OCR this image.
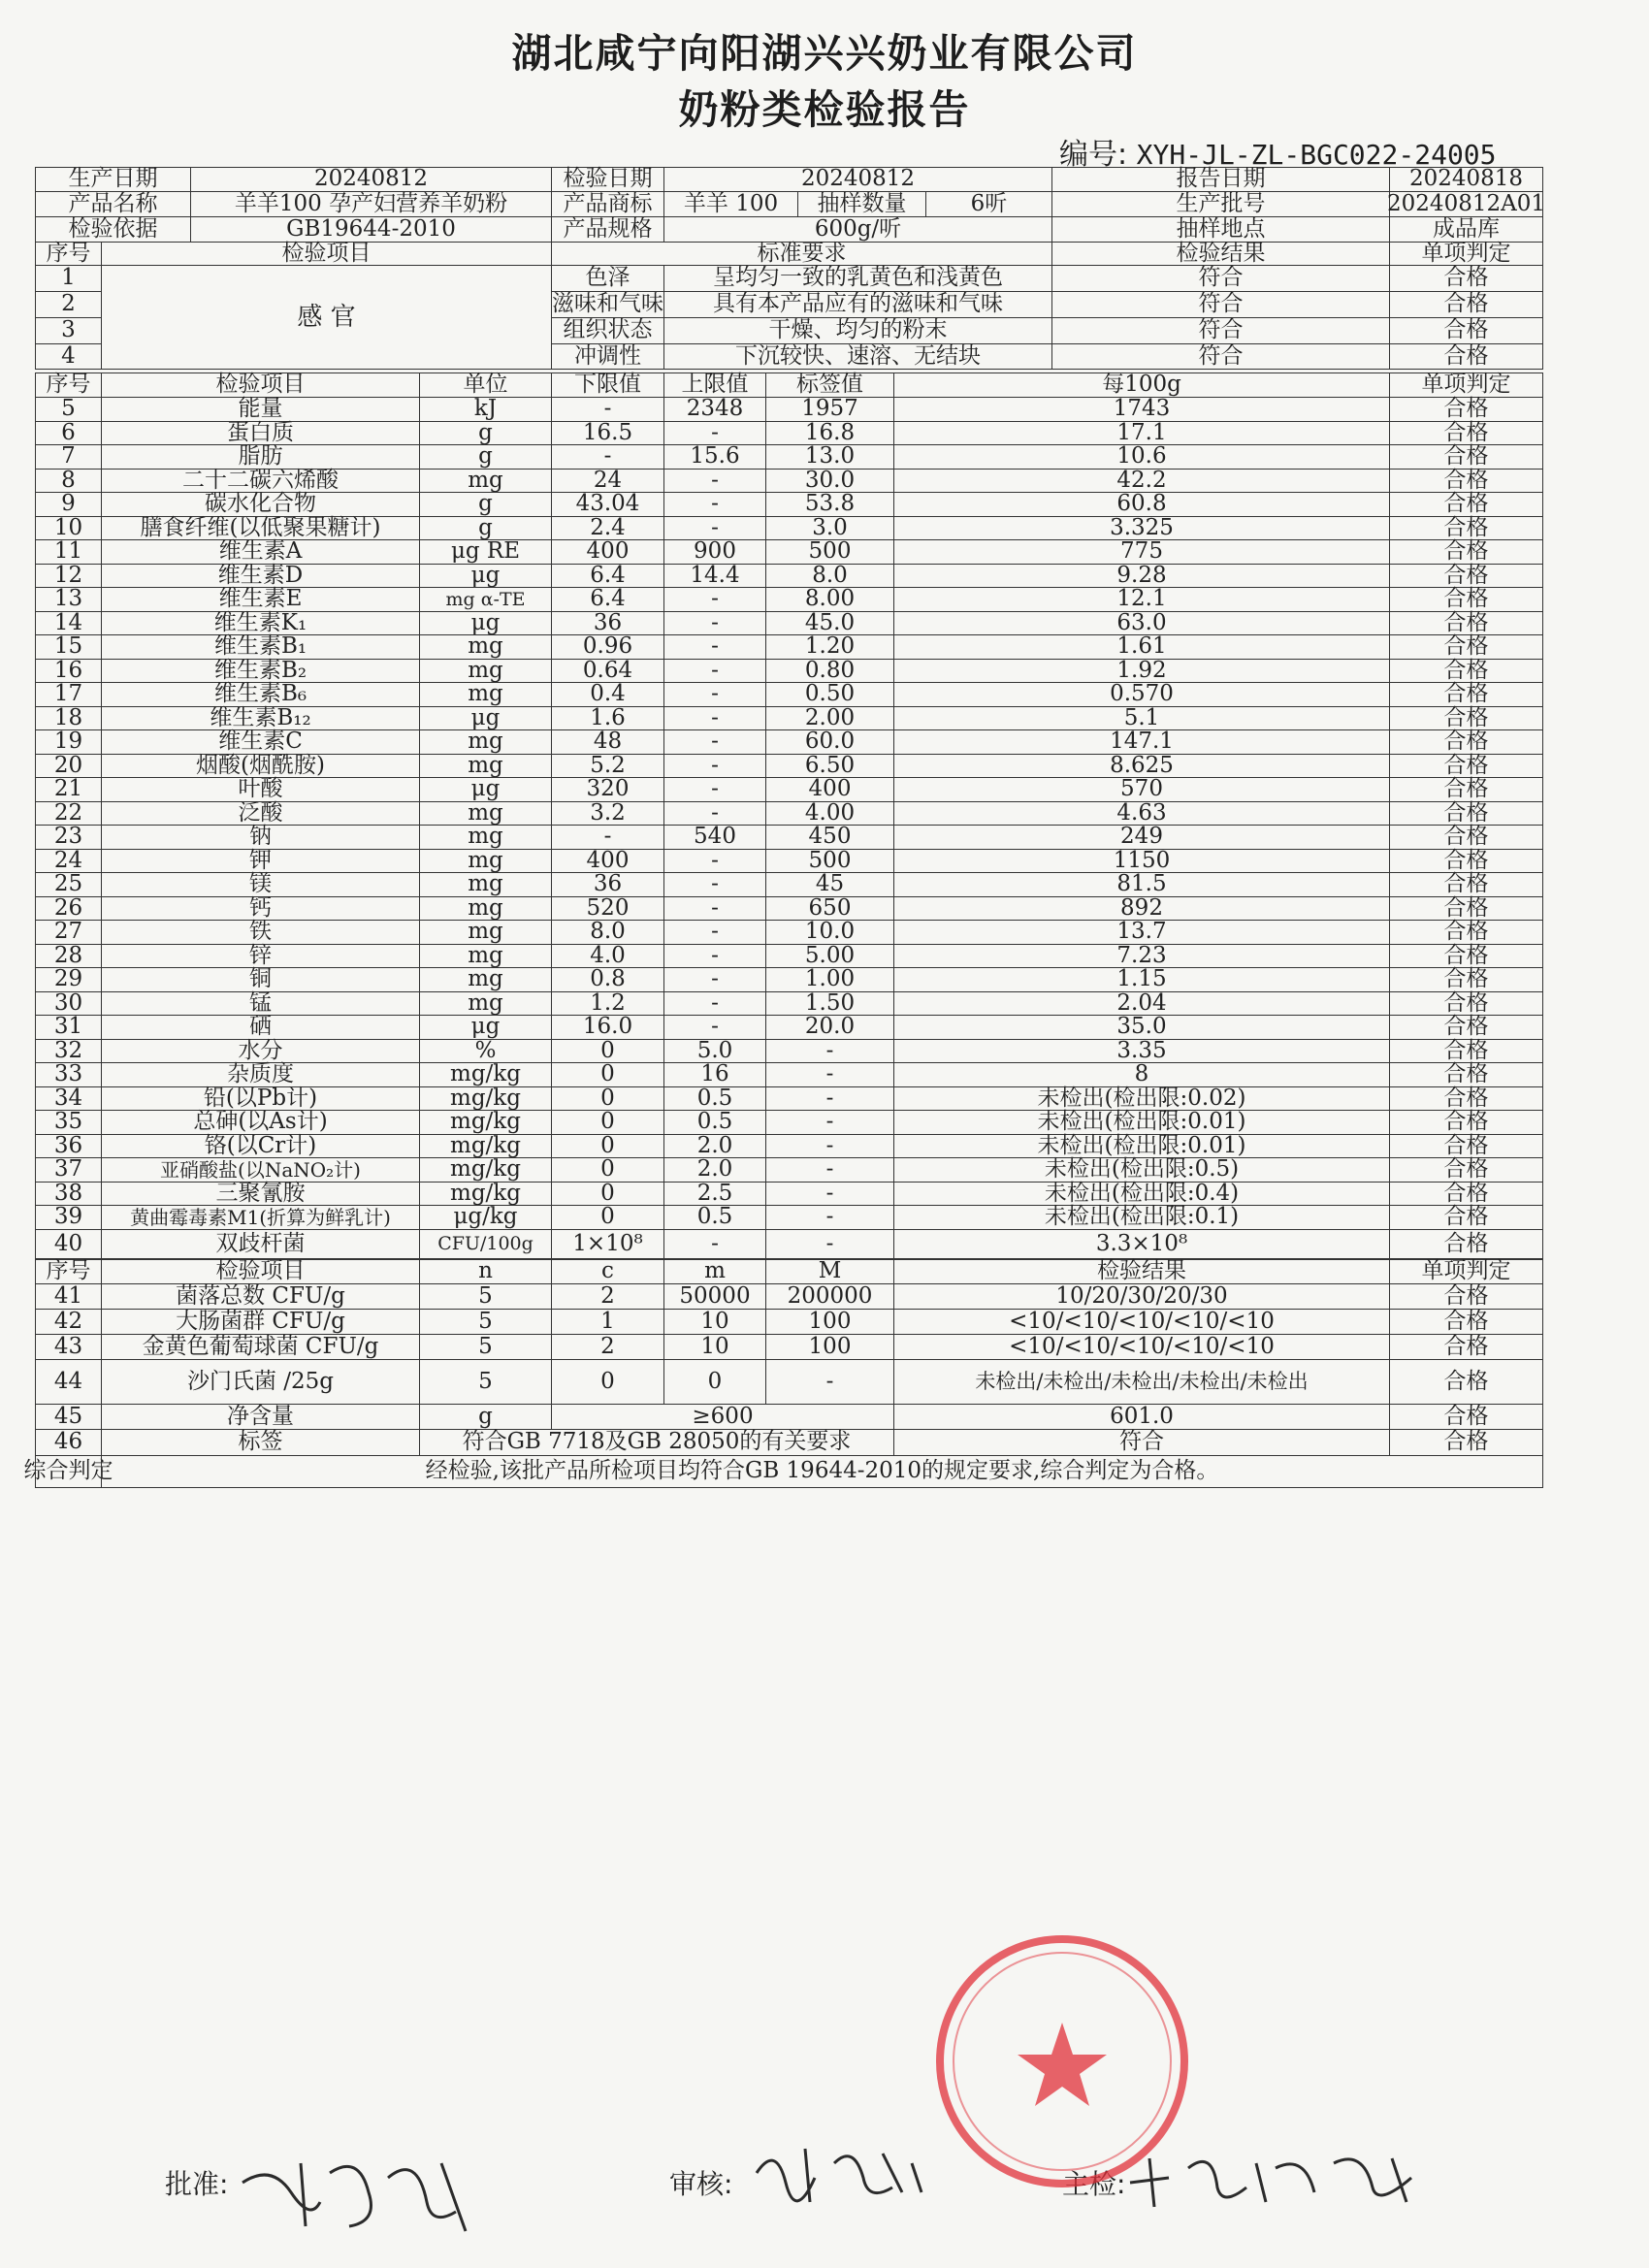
湖北咸宁向阳湖兴兴奶业有限公司
奶粉类检验报告
编号: XYH-JL-ZL-BGC022-24005
生产日期	20240812	检验日期	20240812	报告日期	20240818
产品名称	羊羊100 孕产妇营养羊奶粉	产品商标	羊羊 100	抽样数量	6听	生产批号	20240812A01
检验依据	GB19644-2010	产品规格	600g/听	抽样地点	成品库
序号	检验项目	标准要求	检验结果	单项判定
感 官
1	色泽	呈均匀一致的乳黄色和浅黄色	符合	合格
2	滋味和气味	具有本产品应有的滋味和气味	符合	合格
3	组织状态	干燥、均匀的粉末	符合	合格
4	冲调性	下沉较快、速溶、无结块	符合	合格
序号	检验项目	单位	下限值	上限值	标签值	每100g	单项判定
5	能量	kJ	-	2348	1957	1743	合格
6	蛋白质	g	16.5	-	16.8	17.1	合格
7	脂肪	g	-	15.6	13.0	10.6	合格
8	二十二碳六烯酸	mg	24	-	30.0	42.2	合格
9	碳水化合物	g	43.04	-	53.8	60.8	合格
10	膳食纤维(以低聚果糖计)	g	2.4	-	3.0	3.325	合格
11	维生素A	μg RE	400	900	500	775	合格
12	维生素D	μg	6.4	14.4	8.0	9.28	合格
13	维生素E	mg α-TE	6.4	-	8.00	12.1	合格
14	维生素K₁	μg	36	-	45.0	63.0	合格
15	维生素B₁	mg	0.96	-	1.20	1.61	合格
16	维生素B₂	mg	0.64	-	0.80	1.92	合格
17	维生素B₆	mg	0.4	-	0.50	0.570	合格
18	维生素B₁₂	μg	1.6	-	2.00	5.1	合格
19	维生素C	mg	48	-	60.0	147.1	合格
20	烟酸(烟酰胺)	mg	5.2	-	6.50	8.625	合格
21	叶酸	μg	320	-	400	570	合格
22	泛酸	mg	3.2	-	4.00	4.63	合格
23	钠	mg	-	540	450	249	合格
24	钾	mg	400	-	500	1150	合格
25	镁	mg	36	-	45	81.5	合格
26	钙	mg	520	-	650	892	合格
27	铁	mg	8.0	-	10.0	13.7	合格
28	锌	mg	4.0	-	5.00	7.23	合格
29	铜	mg	0.8	-	1.00	1.15	合格
30	锰	mg	1.2	-	1.50	2.04	合格
31	硒	μg	16.0	-	20.0	35.0	合格
32	水分	%	0	5.0	-	3.35	合格
33	杂质度	mg/kg	0	16	-	8	合格
34	铅(以Pb计)	mg/kg	0	0.5	-	未检出(检出限:0.02)	合格
35	总砷(以As计)	mg/kg	0	0.5	-	未检出(检出限:0.01)	合格
36	铬(以Cr计)	mg/kg	0	2.0	-	未检出(检出限:0.01)	合格
37	亚硝酸盐(以NaNO₂计)	mg/kg	0	2.0	-	未检出(检出限:0.5)	合格
38	三聚氰胺	mg/kg	0	2.5	-	未检出(检出限:0.4)	合格
39	黄曲霉毒素M1(折算为鲜乳计)	μg/kg	0	0.5	-	未检出(检出限:0.1)	合格
40	双歧杆菌	CFU/100g	1×10⁸	-	-	3.3×10⁸	合格
序号	检验项目	n	c	m	M	检验结果	单项判定
41	菌落总数 CFU/g	5	2	50000	200000	10/20/30/20/30	合格
42	大肠菌群 CFU/g	5	1	10	100	<10/<10/<10/<10/<10	合格
43	金黄色葡萄球菌 CFU/g	5	2	10	100	<10/<10/<10/<10/<10	合格
44	沙门氏菌 /25g	5	0	0	-	未检出/未检出/未检出/未检出/未检出	合格
45	净含量	g	≥600	601.0	合格
46	标签	符合GB 7718及GB 28050的有关要求	符合	合格
综合判定	经检验,该批产品所检项目均符合GB 19644-2010的规定要求,综合判定为合格。
批准:	审核:	主检:
